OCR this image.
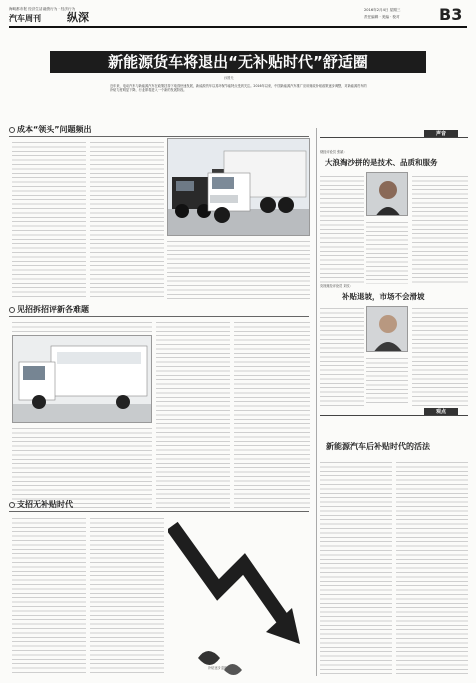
海峡都市报 经济生活 融资行为 · 经济行为
汽车周刊 纵深
2016年2月4日 星期三
责任编辑 · 美编 · 校对 B3
新能源货车将退出“无补贴时代”舒适圈
孙圆光
近年来，电动汽车与新能源汽车在政策扶持下取得快速发展，新能源货车以其环保节能特点受到关注。2016年以来，中国新能源汽车推广应用财政补贴政策逐步调整，对新能源货车的补贴力度明显下降，行业即将进入一个新的发展阶段。
成本“领头”问题频出
见招拆招评新各难题
支招无补贴时代
补贴逐步退坡
声音
财经评论员 张斌：
大浪淘沙拼的是技术、品质和服务
央视财经评论员 刘戈：
补贴退坡，市场不会滑坡
观点
新能源汽车后补贴时代的活法
